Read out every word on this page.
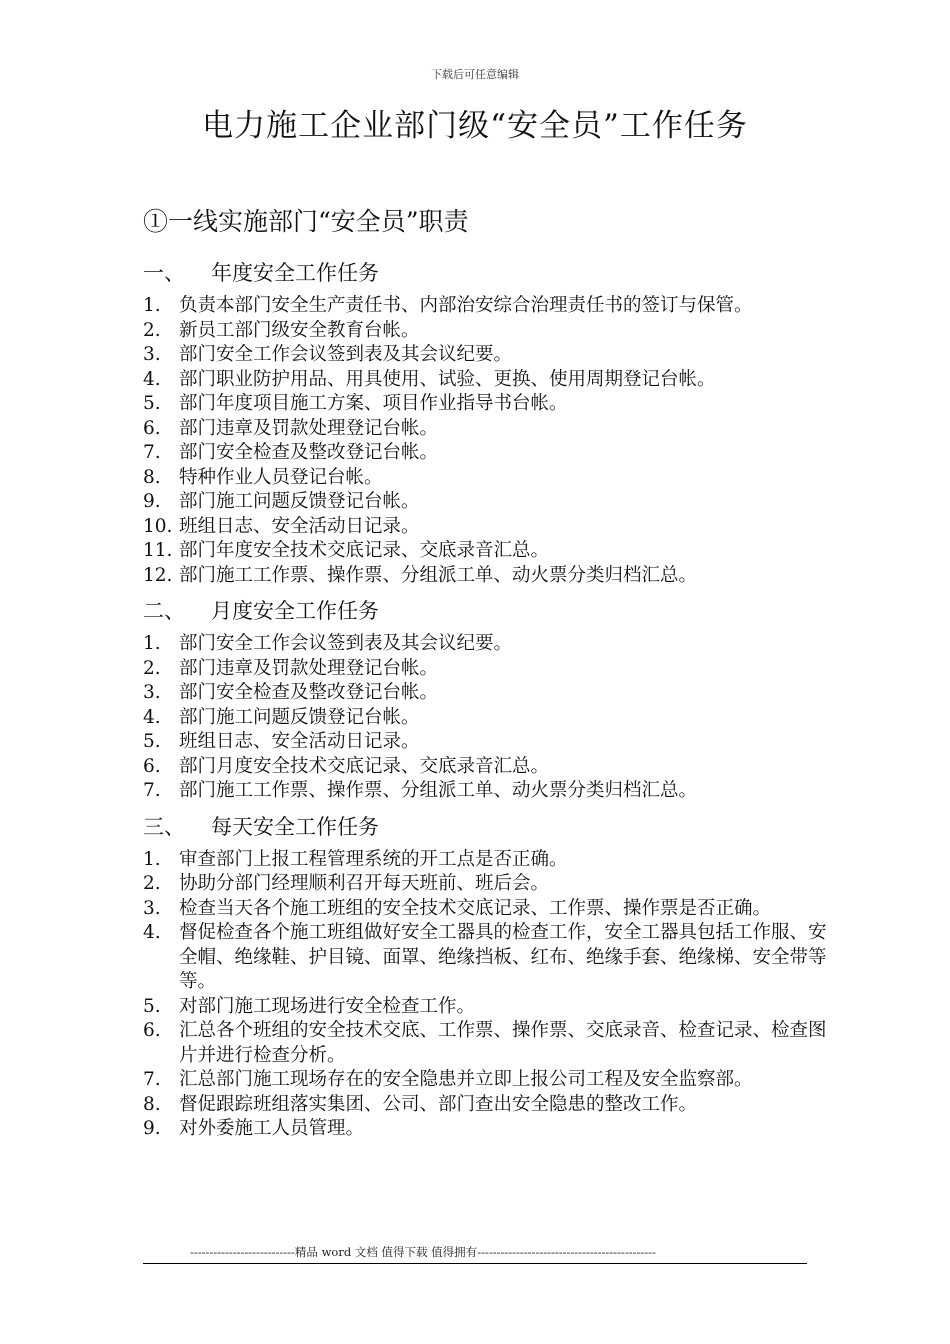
下载后可任意编辑
电力施工企业部门级“安全员”工作任务
①一线实施部门“安全员”职责
一、	年度安全工作任务
1. 负责本部门安全生产责任书、内部治安综合治理责任书的签订与保管。
2. 新员工部门级安全教育台帐。
3. 部门安全工作会议签到表及其会议纪要。
4. 部门职业防护用品、用具使用、试验、更换、使用周期登记台帐。
5. 部门年度项目施工方案、项目作业指导书台帐。
6. 部门违章及罚款处理登记台帐。
7. 部门安全检查及整改登记台帐。
8. 特种作业人员登记台帐。
9. 部门施工问题反馈登记台帐。
10. 班组日志、安全活动日记录。
11. 部门年度安全技术交底记录、交底录音汇总。
12. 部门施工工作票、操作票、分组派工单、动火票分类归档汇总。
二、	月度安全工作任务
1. 部门安全工作会议签到表及其会议纪要。
2. 部门违章及罚款处理登记台帐。
3. 部门安全检查及整改登记台帐。
4. 部门施工问题反馈登记台帐。
5. 班组日志、安全活动日记录。
6. 部门月度安全技术交底记录、交底录音汇总。
7. 部门施工工作票、操作票、分组派工单、动火票分类归档汇总。
三、	每天安全工作任务
1. 审查部门上报工程管理系统的开工点是否正确。
2. 协助分部门经理顺利召开每天班前、班后会。
3. 检查当天各个施工班组的安全技术交底记录、工作票、操作票是否正确。
4. 督促检查各个施工班组做好安全工器具的检查工作，安全工器具包括工作服、安全帽、绝缘鞋、护目镜、面罩、绝缘挡板、红布、绝缘手套、绝缘梯、安全带等等。
5. 对部门施工现场进行安全检查工作。
6. 汇总各个班组的安全技术交底、工作票、操作票、交底录音、检查记录、检查图片并进行检查分析。
7. 汇总部门施工现场存在的安全隐患并立即上报公司工程及安全监察部。
8. 督促跟踪班组落实集团、公司、部门查出安全隐患的整改工作。
9. 对外委施工人员管理。
---------------------------精品 word 文档 值得下载 值得拥有----------------------------------------------
